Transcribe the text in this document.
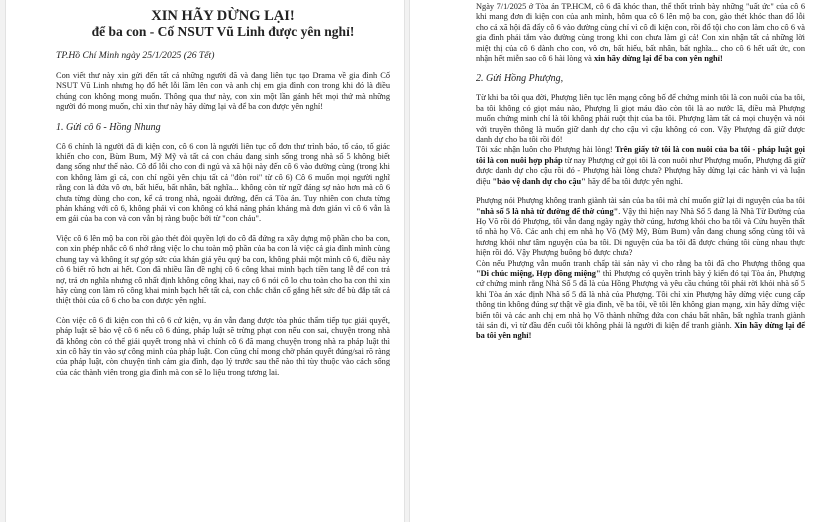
XIN HÃY DỪNG LẠI!
để ba con - Cố NSUT Vũ Linh được yên nghỉ!

TP.Hồ Chí Minh ngày 25/1/2025 (26 Tết)

Con viết thư này xin gửi đến tất cả những người đã và đang liên tục tạo Drama về gia đình Cố NSUT Vũ Linh nhưng họ đổ hết lỗi lầm lên con và anh chị em gia đình con trong khi đó là điều chúng con không mong muốn. Thông qua thư này, con xin một lần gánh hết mọi thứ mà những người đó mong muốn, chỉ xin thư này hãy dừng lại và để ba con được yên nghỉ!

1. Gửi cô 6 - Hồng Nhung

Cô 6 chính là người đã đi kiện con, cô 6 con là người liên tục cố đơn thư trình báo, tố cáo, tố giác khiến cho con, Bùm Bum, Mỹ Mỹ và tất cả con cháu đang sinh sống trong nhà số 5 không biết đang sống như thế nào. Cô đổ lỗi cho con đi ngủ và xã hội này đến cô 6 vào đường cùng (trong khi con không làm gì cả, con chỉ ngồi yên chịu tất cả "đòn roi" từ cô 6) Cô 6 muốn mọi người nghĩ rằng con là đứa vô ơn, bất hiếu, bất nhân, bất nghĩa... không còn từ ngữ đáng sợ nào hơn mà cô 6 chưa từng dùng cho con, kể cả trong nhà, ngoài đường, đến cả Tòa án. Tuy nhiên con chưa từng phản kháng với cô 6, không phải vì con không có khả năng phản kháng mà đơn giản vì cô 6 vẫn là em gái của ba con và con vẫn bị ràng buộc bởi từ "con cháu".

Việc cô 6 lên mộ ba con rồi gào thét đòi quyền lợi do cô đã đứng ra xây dựng mộ phần cho ba con, con xin phép nhắc cô 6 nhớ rằng việc lo chu toàn mộ phần của ba con là việc cả gia đình mình cùng chung tay và không ít sự góp sức của khán giả yêu quý ba con, không phải một mình cô 6, điều này cô 6 biết rõ hơn ai hết. Con đã nhiều lần đề nghị cô 6 công khai minh bạch tiền tang lễ để con trả nợ, trả ơn nghĩa nhưng cô nhất định không công khai, nay cô 6 nói cô lo chu toàn cho ba con thì xin hãy cùng con làm rõ công khai minh bạch hết tất cả, con chắc chắn cố gắng hết sức để bù đắp tất cả thiệt thòi của cô 6 cho ba con được yên nghỉ.

Còn việc cô 6 đi kiện con thì cô 6 cứ kiện, vụ án vẫn đang được tòa phúc thẩm tiếp tục giải quyết, pháp luật sẽ bảo vệ cô 6 nếu cô 6 đúng, pháp luật sẽ trừng phạt con nếu con sai, chuyện trong nhà đã không còn có thể giải quyết trong nhà vì chính cô 6 đã mang chuyện trong nhà ra pháp luật thì xin cô hãy tin vào sự công minh của pháp luật. Con cũng chỉ mong chờ phán quyết đúng/sai rõ ràng của pháp luật, còn chuyện tình cảm gia đình, đạo lý trước sau thế nào thì tùy thuộc vào cách sống của các thành viên trong gia đình mà con sẽ lo liệu trong tương lai.

Ngày 7/1/2025 ở Tòa án TP.HCM, cô 6 đã khóc than, thể thốt trình bày những "uất ức" của cô 6 khi mang đơn đi kiện con của anh mình, hôm qua cô 6 lên mộ ba con, gào thét khóc than đổ lỗi cho cả xã hội đã đẩy cô 6 vào đường cùng chỉ vì cô đi kiện con, rồi đổ tội cho con làm cho cô 6 và gia đình phải tắm vào đường cùng trong khi con chưa làm gì cả! Con xin nhận tất cả những lời miệt thị của cô 6 dành cho con, vô ơn, bất hiếu, bất nhân, bất nghĩa... cho cô 6 hết uất ức, con nhận hết miễn sao cô 6 hài lòng và xin hãy dừng lại để ba con yên nghỉ!

2. Gửi Hồng Phượng,

Từ khi ba tôi qua đời, Phượng liên tục lên mạng công bố để chứng minh tôi là con nuôi của ba tôi, ba tôi không có giọt máu nào, Phượng lì giọt máu đào còn tôi là ao nước lã, điều mà Phượng muốn chứng minh chỉ là tôi không phải ruột thịt của ba tôi. Phượng làm tất cả mọi chuyện và nói với truyền thông là muốn giữ danh dự cho cậu vì cậu không có con. Vậy Phượng đã giữ được danh dự cho ba tôi rồi đó!

Tôi xác nhận luôn cho Phượng hài lòng! Trên giấy tờ tôi là con nuôi của ba tôi - pháp luật gọi tôi là con nuôi hợp pháp từ nay Phượng cứ gọi tôi là con nuôi như Phượng muốn, Phượng đã giữ được danh dự cho cậu rồi đó - Phượng hài lòng chưa? Phượng hãy dừng lại các hành vi và luận điệu "bảo vệ danh dự cho cậu" hãy để ba tôi được yên nghỉ.

Phượng nói Phượng không tranh giành tài sản của ba tôi mà chỉ muốn giữ lại di nguyện của ba tôi "nhà số 5 là nhà từ đường để thờ cúng". Vậy thì hiện nay Nhà Số 5 đang là Nhà Từ Đường của Họ Võ rồi đó Phượng, tôi vẫn đang ngày ngày thờ cúng, hương khói cho ba tôi và Cửu huyền thất tổ nhà họ Võ. Các anh chị em nhà họ Võ (Mỹ Mỹ, Bùm Bum) vẫn đang chung sống cùng tôi và hương khói như tâm nguyện của ba tôi. Di nguyện của ba tôi đã được chúng tôi cùng nhau thực hiện rồi đó. Vậy Phượng buông bỏ được chưa?

Còn nếu Phượng vẫn muốn tranh chấp tài sản này vì cho rằng ba tôi đã cho Phượng thông qua "Di chúc miệng, Hợp đồng miệng" thì Phượng có quyền trình bày ý kiến đó tại Tòa án, Phượng cứ chứng minh rằng Nhà Số 5 đã là của Hồng Phượng và yêu cầu chúng tôi phải rời khỏi nhà số 5 khi Tòa án xác định Nhà số 5 đã là nhà của Phượng. Tôi chỉ xin Phượng hãy dừng việc cung cấp thông tin không đúng sự thật về gia đình, về ba tôi, về tôi lên không gian mạng, xin hãy dừng việc biến tôi và các anh chị em nhà họ Võ thành những đứa con cháu bất nhân, bất nghĩa tranh giành tài sản đi, vì từ đầu đến cuối tôi không phải là người đi kiện để tranh giành. Xin hãy dừng lại để ba tôi yên nghỉ!
